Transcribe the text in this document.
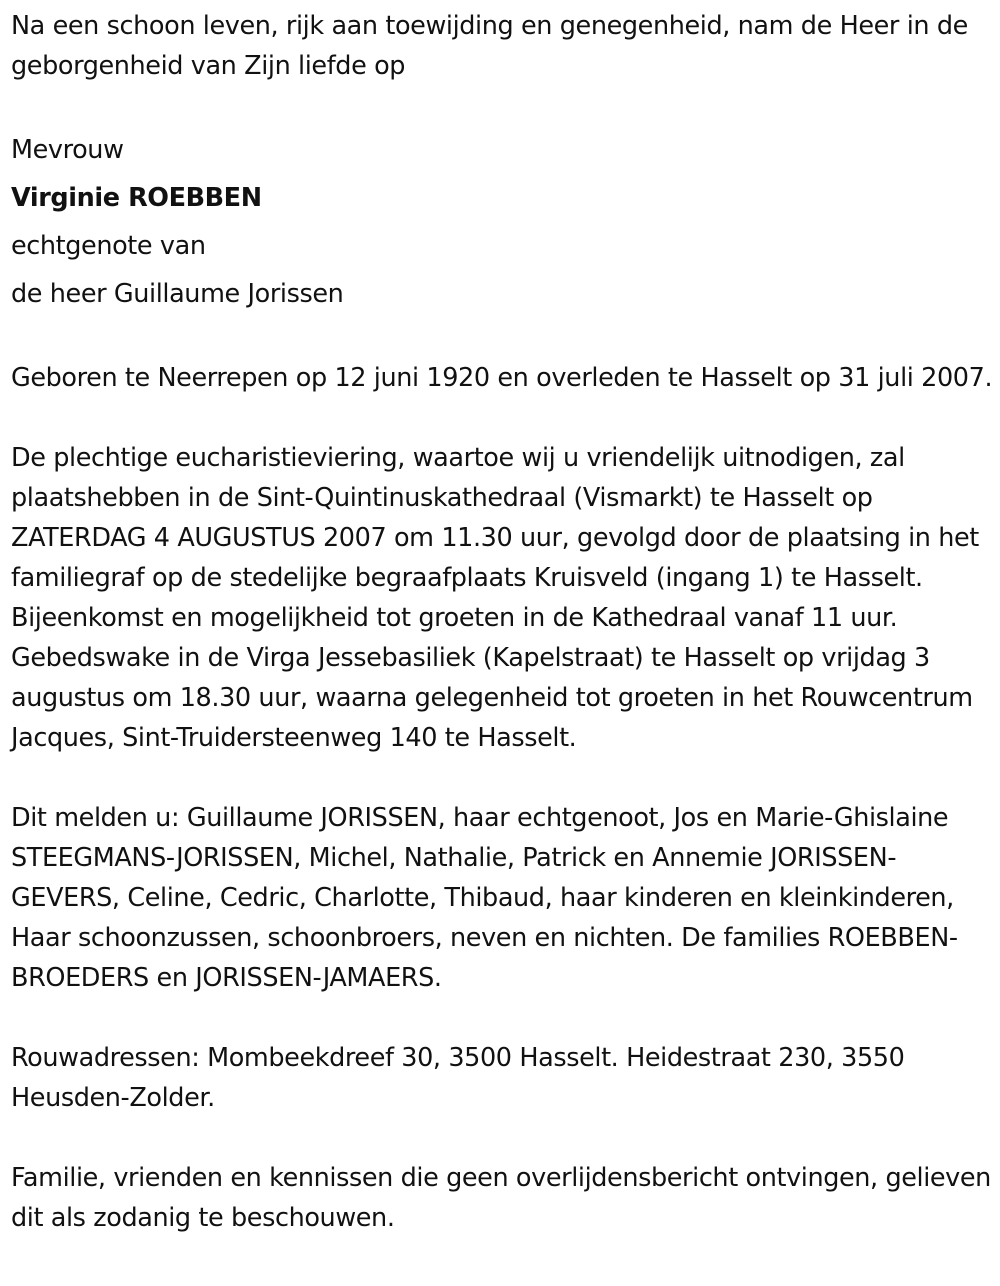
Na een schoon leven, rijk aan toewijding en genegenheid, nam de Heer in de geborgenheid van Zijn liefde op

Mevrouw

Virginie ROEBBEN

echtgenote van

de heer Guillaume Jorissen

Geboren te Neerrepen op 12 juni 1920 en overleden te Hasselt op 31 juli 2007.

De plechtige eucharistieviering, waartoe wij u vriendelijk uitnodigen, zal plaatshebben in de Sint-Quintinuskathedraal (Vismarkt) te Hasselt op ZATERDAG 4 AUGUSTUS 2007 om 11.30 uur, gevolgd door de plaatsing in het familiegraf op de stedelijke begraafplaats Kruisveld (ingang 1) te Hasselt. Bijeenkomst en mogelijkheid tot groeten in de Kathedraal vanaf 11 uur. Gebedswake in de Virga Jessebasiliek (Kapelstraat) te Hasselt op vrijdag 3 augustus om 18.30 uur, waarna gelegenheid tot groeten in het Rouwcentrum Jacques, Sint-Truidersteenweg 140 te Hasselt.

Dit melden u: Guillaume JORISSEN, haar echtgenoot, Jos en Marie-Ghislaine STEEGMANS-JORISSEN, Michel, Nathalie, Patrick en Annemie JORISSEN-GEVERS, Celine, Cedric, Charlotte, Thibaud, haar kinderen en kleinkinderen, Haar schoonzussen, schoonbroers, neven en nichten. De families ROEBBEN-BROEDERS en JORISSEN-JAMAERS.

Rouwadressen: Mombeekdreef 30, 3500 Hasselt. Heidestraat 230, 3550 Heusden-Zolder.

Familie, vrienden en kennissen die geen overlijdensbericht ontvingen, gelieven dit als zodanig te beschouwen.
